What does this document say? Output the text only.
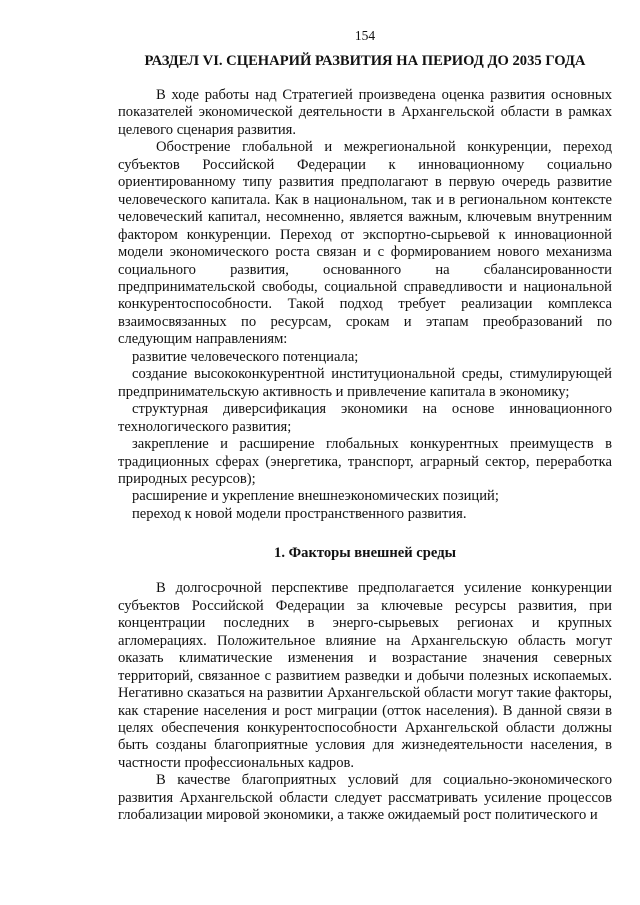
154
РАЗДЕЛ VI. СЦЕНАРИЙ РАЗВИТИЯ НА ПЕРИОД ДО 2035 ГОДА

В ходе работы над Стратегией произведена оценка развития основных показателей экономической деятельности в Архангельской области в рамках целевого сценария развития.

Обострение глобальной и межрегиональной конкуренции, переход субъектов Российской Федерации к инновационному социально ориентированному типу развития предполагают в первую очередь развитие человеческого капитала. Как в национальном, так и в региональном контексте человеческий капитал, несомненно, является важным, ключевым внутренним фактором конкуренции. Переход от экспортно-сырьевой к инновационной модели экономического роста связан и с формированием нового механизма социального развития, основанного на сбалансированности предпринимательской свободы, социальной справедливости и национальной конкурентоспособности. Такой подход требует реализации комплекса взаимосвязанных по ресурсам, срокам и этапам преобразований по следующим направлениям:

развитие человеческого потенциала;

создание высококонкурентной институциональной среды, стимулирующей предпринимательскую активность и привлечение капитала в экономику;

структурная диверсификация экономики на основе инновационного технологического развития;

закрепление и расширение глобальных конкурентных преимуществ в традиционных сферах (энергетика, транспорт, аграрный сектор, переработка природных ресурсов);

расширение и укрепление внешнеэкономических позиций;

переход к новой модели пространственного развития.

1. Факторы внешней среды

В долгосрочной перспективе предполагается усиление конкуренции субъектов Российской Федерации за ключевые ресурсы развития, при концентрации последних в энерго-сырьевых регионах и крупных агломерациях. Положительное влияние на Архангельскую область могут оказать климатические изменения и возрастание значения северных территорий, связанное с развитием разведки и добычи полезных ископаемых. Негативно сказаться на развитии Архангельской области могут такие факторы, как старение населения и рост миграции (отток населения). В данной связи в целях обеспечения конкурентоспособности Архангельской области должны быть созданы благоприятные условия для жизнедеятельности населения, в частности профессиональных кадров.

В качестве благоприятных условий для социально-экономического развития Архангельской области следует рассматривать усиление процессов глобализации мировой экономики, а также ожидаемый рост политического и
